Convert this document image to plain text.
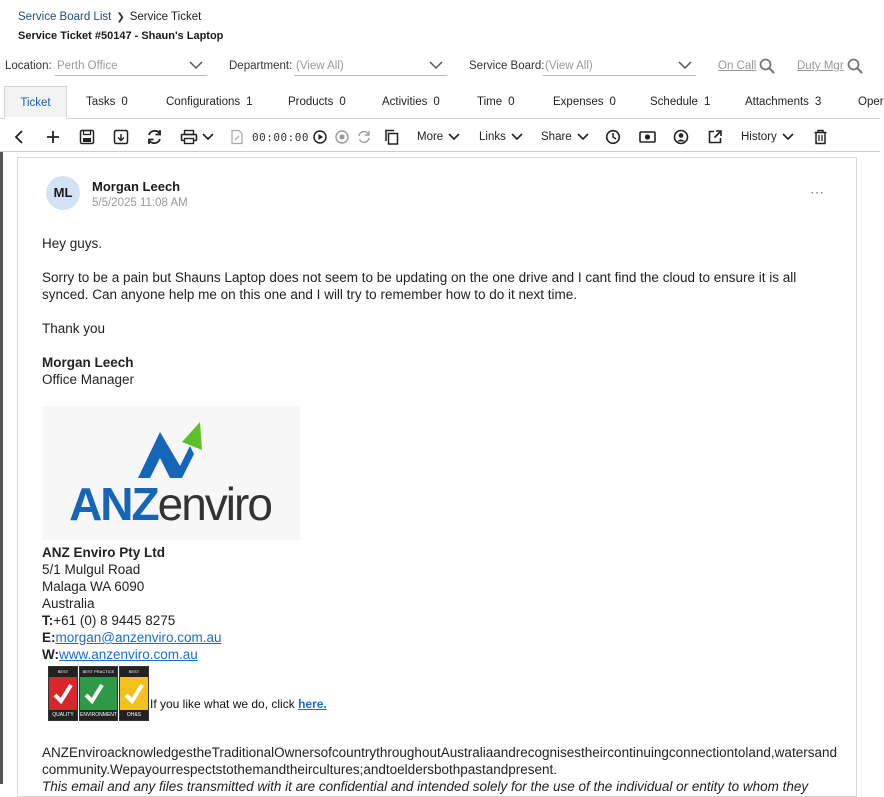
Service Board List ❯ Service Ticket
Service Ticket #50147 - Shaun's Laptop
Location: Perth Office	Department: (View All)	Service Board: (View All)	On Call	Duty Mgr
Ticket	Tasks 0	Configurations 1	Products 0	Activities 0	Time 0	Expenses 0	Schedule 1	Attachments 3	Oper
00:00:00	More	Links	Share	History
ML	Morgan Leech
5/5/2025 11:08 AM
⋯
Hey guys.
Sorry to be a pain but Shauns Laptop does not seem to be updating on the one drive and I cant find the cloud to ensure it is all synced. Can anyone help me on this one and I will try to remember how to do it next time.
Thank you
Morgan Leech
Office Manager
ANZenviro
ANZ Enviro Pty Ltd
5/1 Mulgul Road
Malaga WA 6090
Australia
T:+61 (0) 8 9445 8275
E:morgan@anzenviro.com.au
W:www.anzenviro.com.au
BEST
QUALITY
BEST PRACTICE
ENVIRONMENT
BEST
OH&S
If you like what we do, click here.
ANZEnviroacknowledgestheTraditionalOwnersofcountrythroughoutAustraliaandrecognisestheircontinuingconnectiontoland,watersandcommunity.Wepayourrespectstothemandtheircultures;andtoeldersbothpastandpresent.
This email and any files transmitted with it are confidential and intended solely for the use of the individual or entity to whom they
